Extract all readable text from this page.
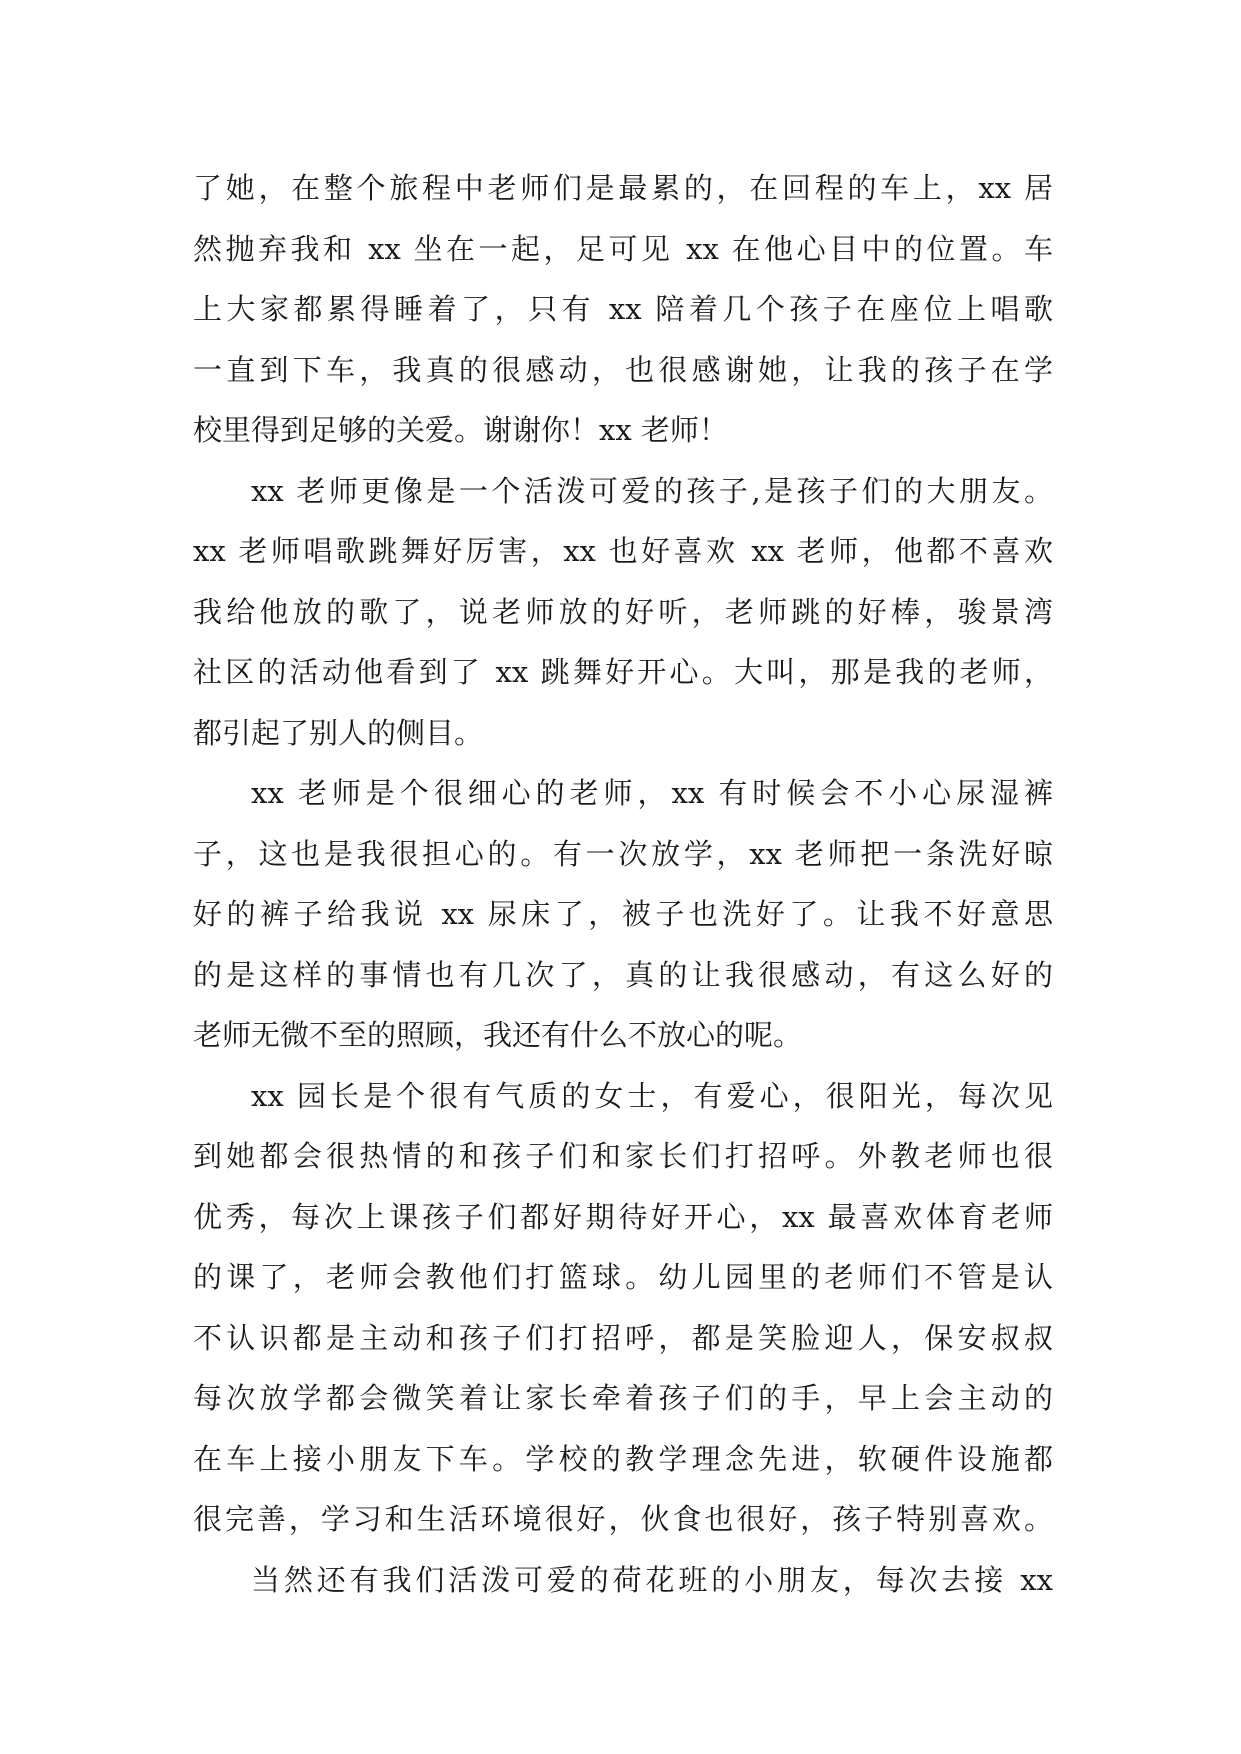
了她，在整个旅程中老师们是最累的，在回程的车上，xx 居
然抛弃我和 xx 坐在一起，足可见 xx 在他心目中的位置。车
上大家都累得睡着了，只有 xx 陪着几个孩子在座位上唱歌
一直到下车，我真的很感动，也很感谢她，让我的孩子在学
校里得到足够的关爱。谢谢你！xx 老师！
xx 老师更像是一个活泼可爱的孩子,是孩子们的大朋友。
xx 老师唱歌跳舞好厉害，xx 也好喜欢 xx 老师，他都不喜欢
我给他放的歌了，说老师放的好听，老师跳的好棒，骏景湾
社区的活动他看到了 xx 跳舞好开心。大叫，那是我的老师，
都引起了别人的侧目。
xx 老师是个很细心的老师，xx 有时候会不小心尿湿裤
子，这也是我很担心的。有一次放学，xx 老师把一条洗好晾
好的裤子给我说 xx 尿床了，被子也洗好了。让我不好意思
的是这样的事情也有几次了，真的让我很感动，有这么好的
老师无微不至的照顾，我还有什么不放心的呢。
xx 园长是个很有气质的女士，有爱心，很阳光，每次见
到她都会很热情的和孩子们和家长们打招呼。外教老师也很
优秀，每次上课孩子们都好期待好开心，xx 最喜欢体育老师
的课了，老师会教他们打篮球。幼儿园里的老师们不管是认
不认识都是主动和孩子们打招呼，都是笑脸迎人，保安叔叔
每次放学都会微笑着让家长牵着孩子们的手，早上会主动的
在车上接小朋友下车。学校的教学理念先进，软硬件设施都
很完善，学习和生活环境很好，伙食也很好，孩子特别喜欢。
当然还有我们活泼可爱的荷花班的小朋友，每次去接 xx
